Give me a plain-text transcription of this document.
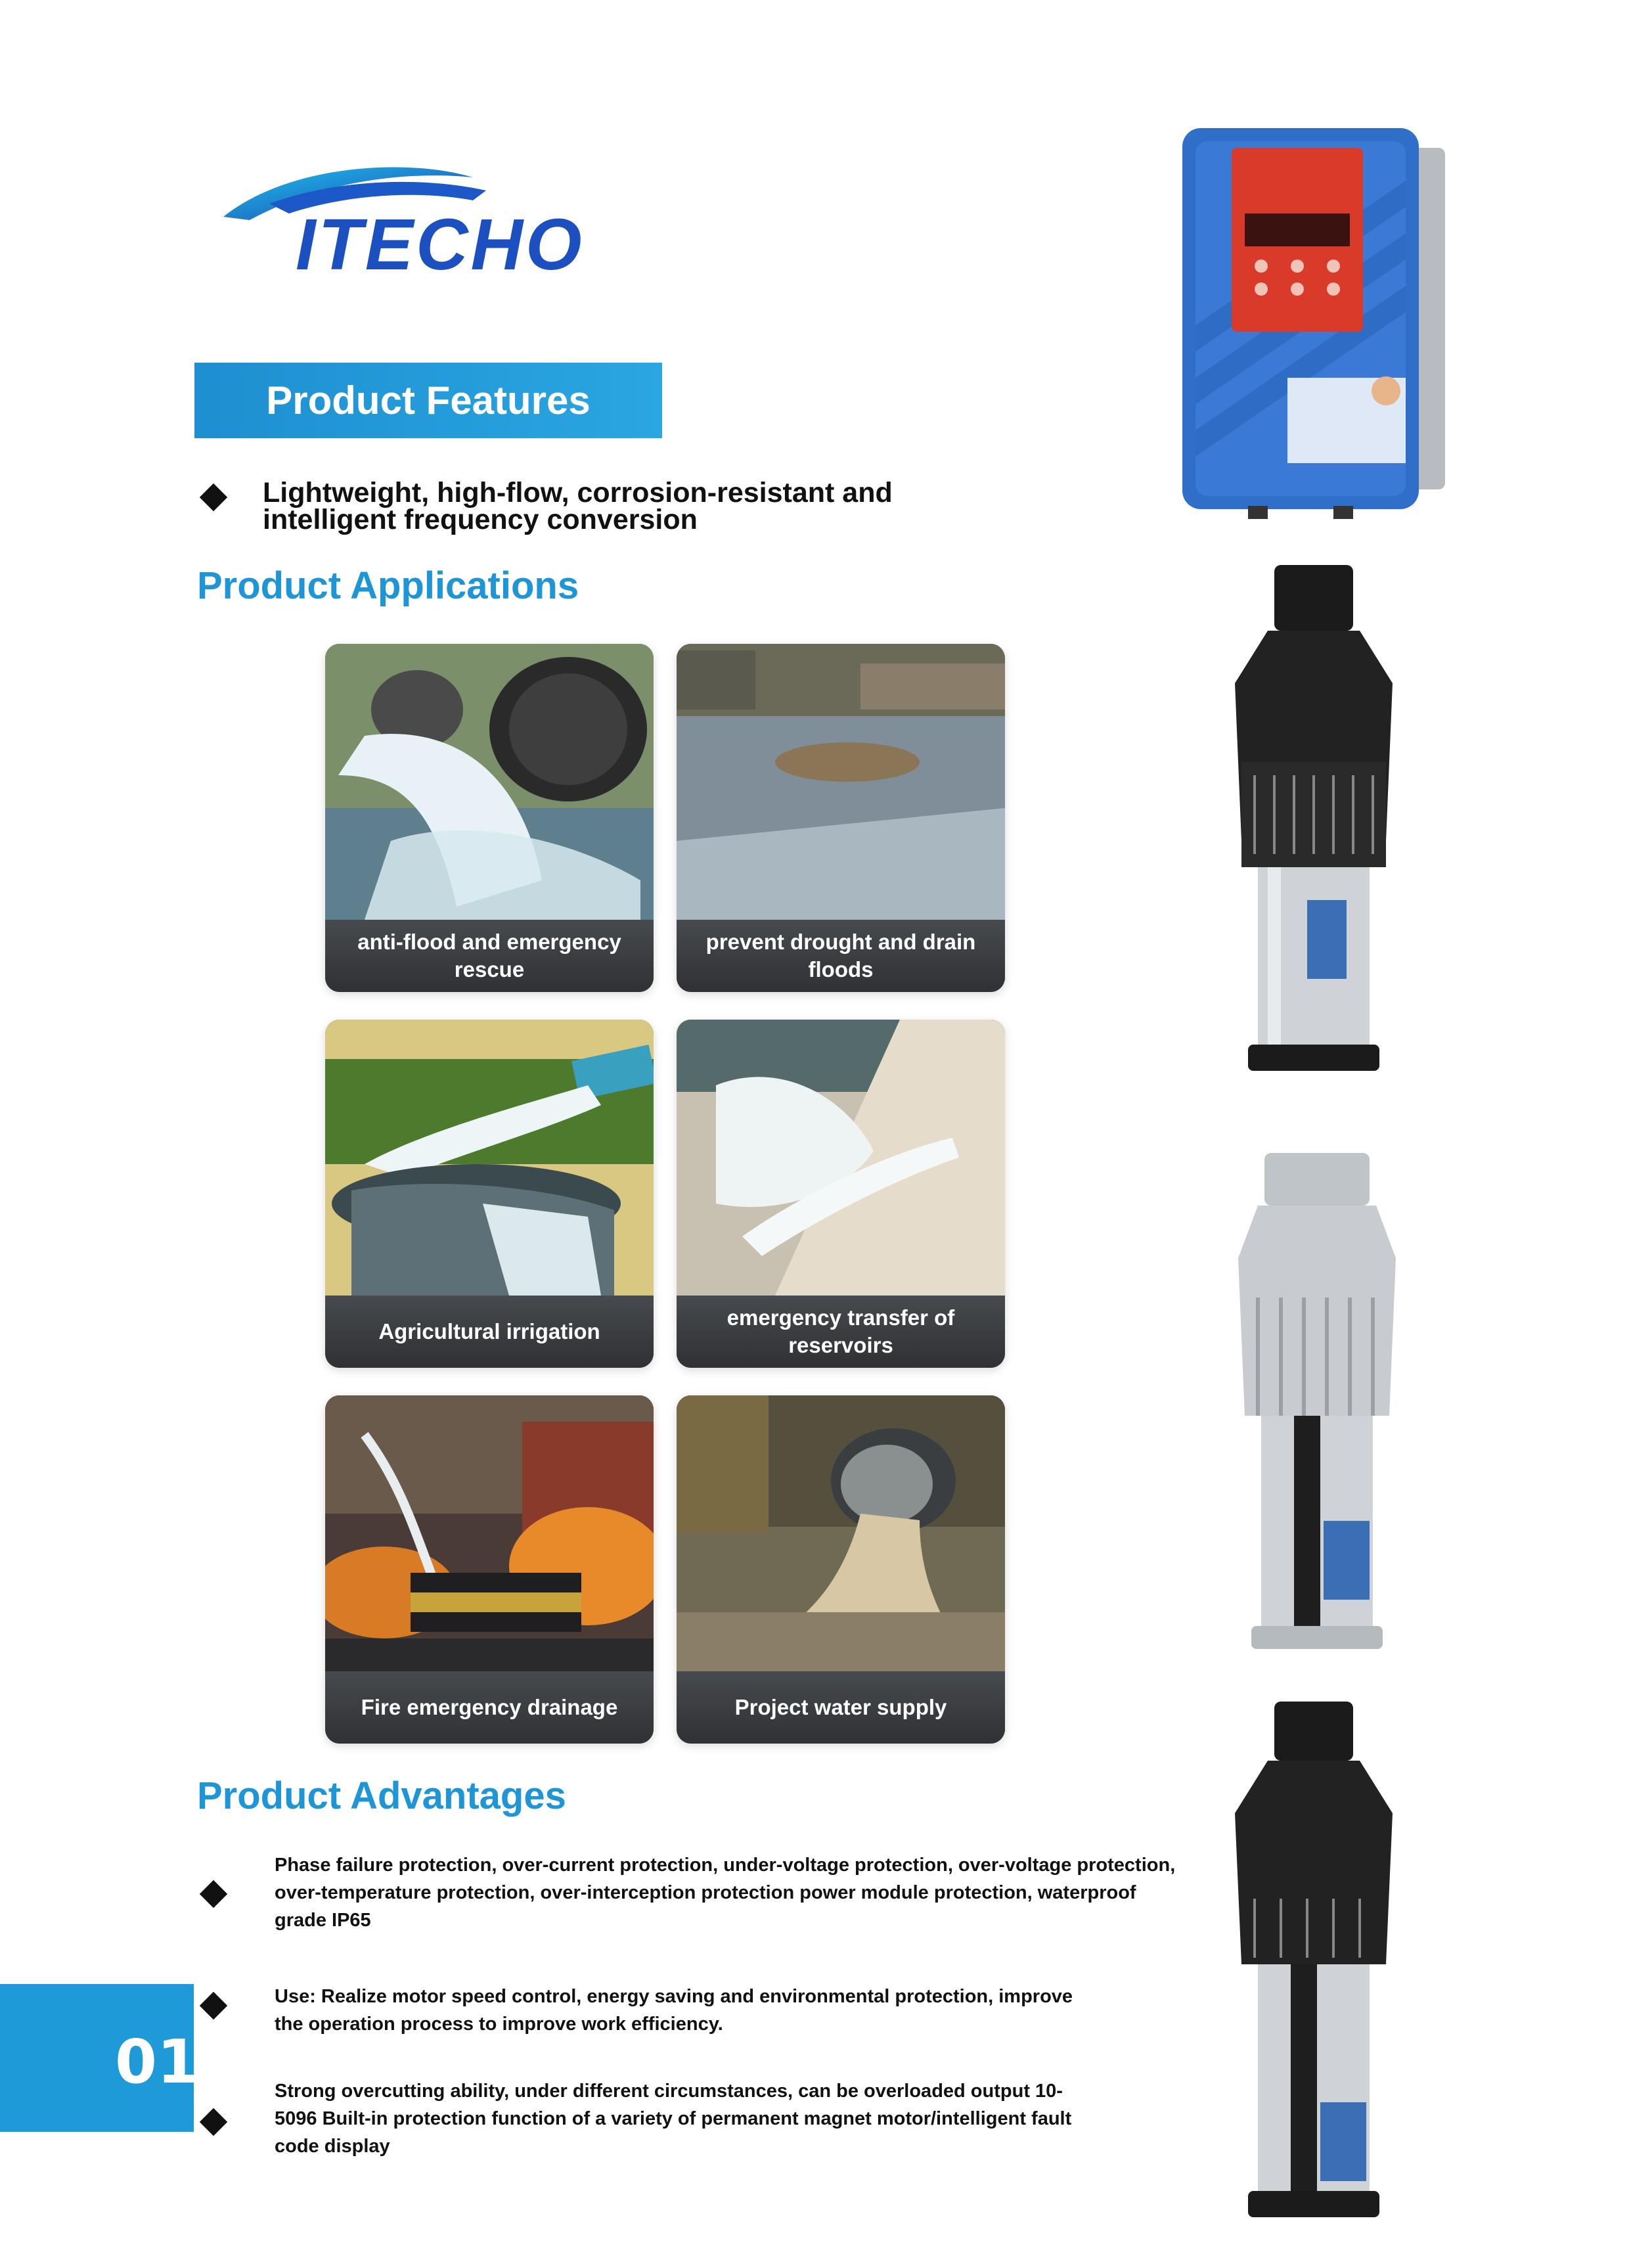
ITECHO
Product Features
Lightweight, high-flow, corrosion-resistant and intelligent frequency conversion
Product Applications
anti-flood and emergency rescue
prevent drought and drain floods
Agricultural irrigation
emergency transfer of reservoirs
Fire emergency drainage	Project water supply
Product Advantages
Phase failure protection, over-current protection, under-voltage protection, over-voltage protection, over-temperature protection, over-interception protection power module protection, waterproof grade IP65
Use: Realize motor speed control, energy saving and environmental protection, improve the operation process to improve work efficiency.
Strong overcutting ability, under different circumstances, can be overloaded output 10-5096 Built-in protection function of a variety of permanent magnet motor/intelligent fault code display
01
